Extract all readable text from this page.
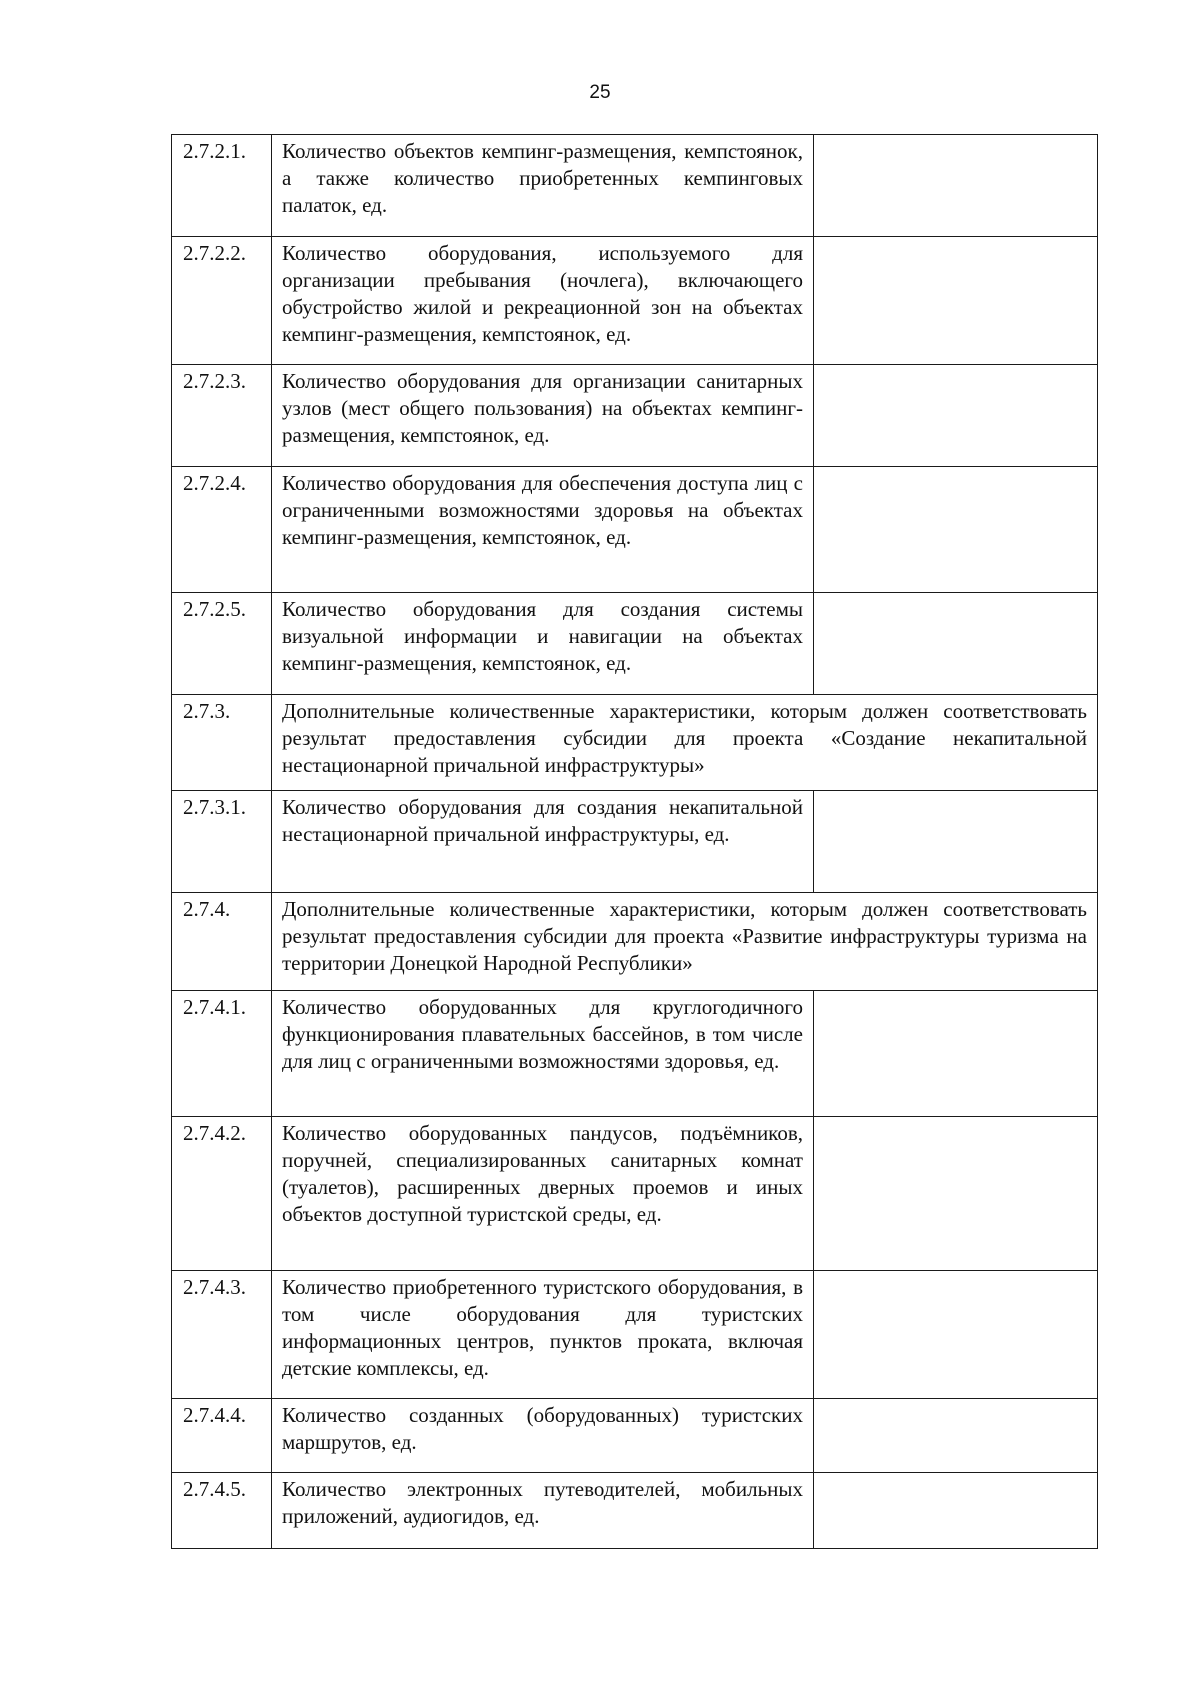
25
2.7.2.1.	Количество объектов кемпинг-размещения, кемпстоянок, а также количество приобретенных кемпинговых палаток, ед.	
2.7.2.2.	Количество оборудования, используемого для организации пребывания (ночлега), включающего обустройство жилой и рекреационной зон на объектах кемпинг-размещения, кемпстоянок, ед.	
2.7.2.3.	Количество оборудования для организации санитарных узлов (мест общего пользования) на объектах кемпинг-размещения, кемпстоянок, ед.	
2.7.2.4.	Количество оборудования для обеспечения доступа лиц с ограниченными возможностями здоровья на объектах кемпинг-размещения, кемпстоянок, ед.	
2.7.2.5.	Количество оборудования для создания системы визуальной информации и навигации на объектах кемпинг-размещения, кемпстоянок, ед.	
2.7.3.	Дополнительные количественные характеристики, которым должен соответствовать результат предоставления субсидии для проекта «Создание некапитальной нестационарной причальной инфраструктуры»	
2.7.3.1.	Количество оборудования для создания некапитальной нестационарной причальной инфраструктуры, ед.	
2.7.4.	Дополнительные количественные характеристики, которым должен соответствовать результат предоставления субсидии для проекта «Развитие инфраструктуры туризма на территории Донецкой Народной Республики»	
2.7.4.1.	Количество оборудованных для круглогодичного функционирования плавательных бассейнов, в том числе для лиц с ограниченными возможностями здоровья, ед.	
2.7.4.2.	Количество оборудованных пандусов, подъёмников, поручней, специализированных санитарных комнат (туалетов), расширенных дверных проемов и иных объектов доступной туристской среды, ед.	
2.7.4.3.	Количество приобретенного туристского оборудования, в том числе оборудования для туристских информационных центров, пунктов проката, включая детские комплексы, ед.	
2.7.4.4.	Количество созданных (оборудованных) туристских маршрутов, ед.	
2.7.4.5.	Количество электронных путеводителей, мобильных приложений, аудиогидов, ед.	
